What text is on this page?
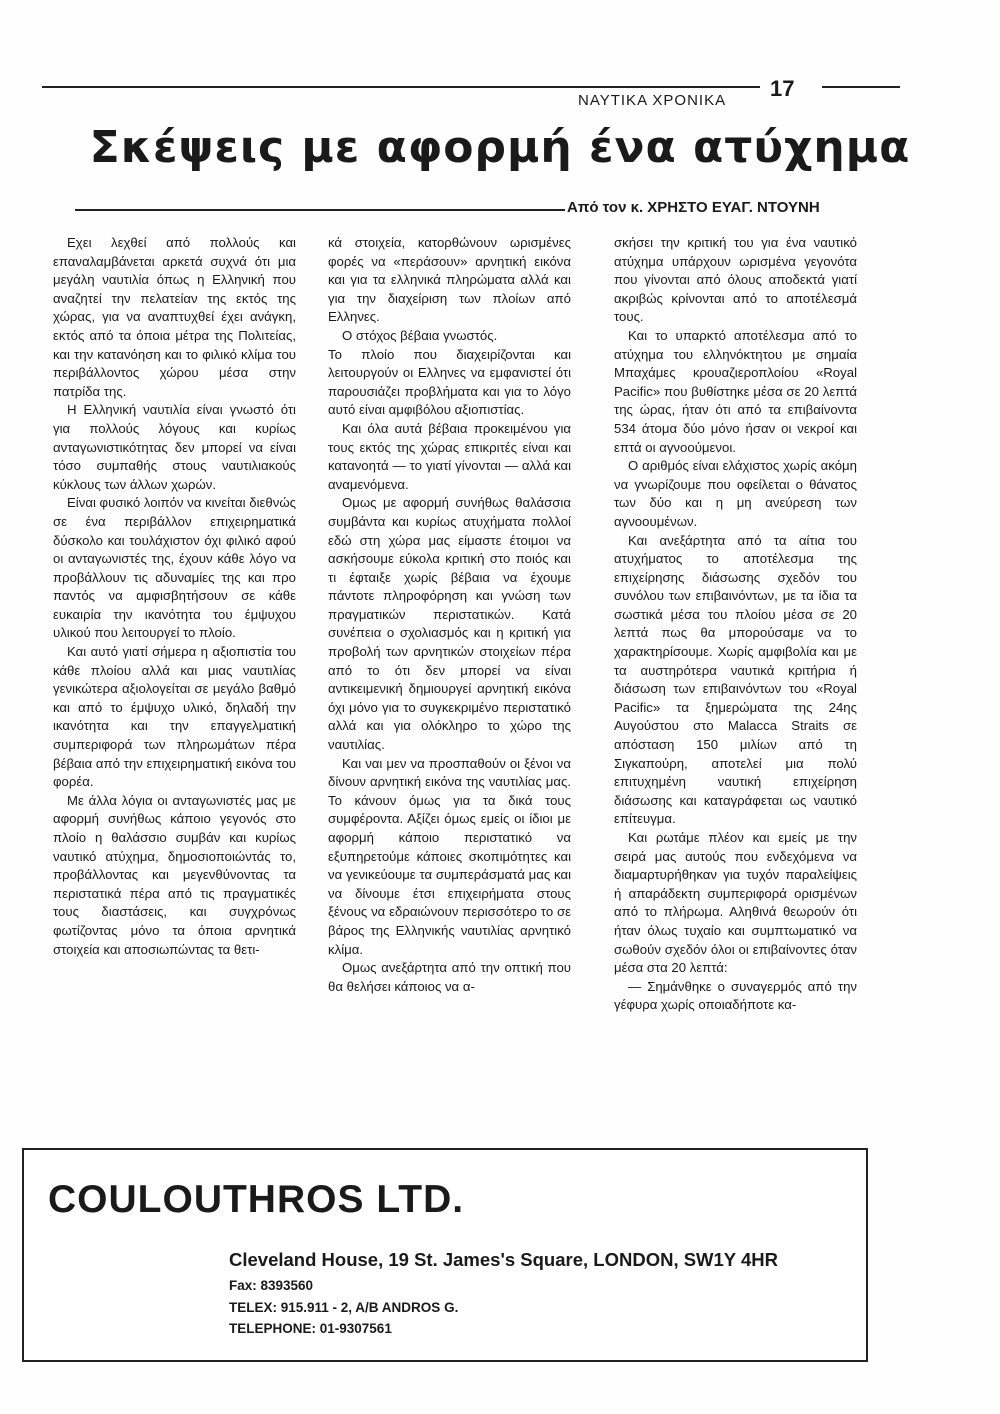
17
ΝΑΥΤΙΚΑ ΧΡΟΝΙΚΑ
Σκέψεις με αφορμή ένα ατύχημα
Από τον κ. ΧΡΗΣΤΟ ΕΥΑΓ. ΝΤΟΥΝΗ

Εχει λεχθεί από πολλούς και επαναλαμβάνεται αρκετά συχνά ότι μια μεγάλη ναυτιλία όπως η Ελληνική που αναζητεί την πελατείαν της εκτός της χώρας, για να αναπτυχθεί έχει ανάγκη, εκτός από τα όποια μέτρα της Πολιτείας, και την κατανόηση και το φιλικό κλίμα του περιβάλλοντος χώρου μέσα στην πατρίδα της.

Η Ελληνική ναυτιλία είναι γνωστό ότι για πολλούς λόγους και κυρίως ανταγωνιστικότητας δεν μπορεί να είναι τόσο συμπαθής στους ναυτιλιακούς κύκλους των άλλων χωρών.

Είναι φυσικό λοιπόν να κινείται διεθνώς σε ένα περιβάλλον επιχειρηματικά δύσκολο και τουλάχιστον όχι φιλικό αφού οι ανταγωνιστές της, έχουν κάθε λόγο να προβάλλουν τις αδυναμίες της και προ παντός να αμφισβητήσουν σε κάθε ευκαιρία την ικανότητα του έμψυχου υλικού που λειτουργεί το πλοίο.

Και αυτό γιατί σήμερα η αξιοπιστία του κάθε πλοίου αλλά και μιας ναυτιλίας γενικώτερα αξιολογείται σε μεγάλο βαθμό και από το έμψυχο υλικό, δηλαδή την ικανότητα και την επαγγελματική συμπεριφορά των πληρωμάτων πέρα βέβαια από την επιχειρηματική εικόνα του φορέα.

Με άλλα λόγια οι ανταγωνιστές μας με αφορμή συνήθως κάποιο γεγονός στο πλοίο η θαλάσσιο συμβάν και κυρίως ναυτικό ατύχημα, δημοσιοποιώντάς το, προβάλλοντας και μεγενθύνοντας τα περιστατικά πέρα από τις πραγματικές τους διαστάσεις, και συγχρόνως φωτίζοντας μόνο τα όποια αρνητικά στοιχεία και αποσιωπώντας τα θετι-

κά στοιχεία, κατορθώνουν ωρισμένες φορές να «περάσουν» αρνητική εικόνα και για τα ελληνικά πληρώματα αλλά και για την διαχείριση των πλοίων από Ελληνες.

Ο στόχος βέβαια γνωστός.

Το πλοίο που διαχειρίζονται και λειτουργούν οι Ελληνες να εμφανιστεί ότι παρουσιάζει προβλήματα και για το λόγο αυτό είναι αμφιβόλου αξιοπιστίας.

Και όλα αυτά βέβαια προκειμένου για τους εκτός της χώρας επικριτές είναι και κατανοητά — το γιατί γίνονται — αλλά και αναμενόμενα.

Ομως με αφορμή συνήθως θαλάσσια συμβάντα και κυρίως ατυχήματα πολλοί εδώ στη χώρα μας είμαστε έτοιμοι να ασκήσουμε εύκολα κριτική στο ποιός και τι έφταιξε χωρίς βέβαια να έχουμε πάντοτε πληροφόρηση και γνώση των πραγματικών περιστατικών. Κατά συνέπεια ο σχολιασμός και η κριτική για προβολή των αρνητικών στοιχείων πέρα από το ότι δεν μπορεί να είναι αντικειμενική δημιουργεί αρνητική εικόνα όχι μόνο για το συγκεκριμένο περιστατικό αλλά και για ολόκληρο το χώρο της ναυτιλίας.

Και ναι μεν να προσπαθούν οι ξένοι να δίνουν αρνητική εικόνα της ναυτιλίας μας. Το κάνουν όμως για τα δικά τους συμφέροντα. Αξίζει όμως εμείς οι ίδιοι με αφορμή κάποιο περιστατικό να εξυπηρετούμε κάποιες σκοπιμότητες και να γενικεύουμε τα συμπεράσματά μας και να δίνουμε έτσι επιχειρήματα στους ξένους να εδραιώνουν περισσότερο το σε βάρος της Ελληνικής ναυτιλίας αρνητικό κλίμα.

Ομως ανεξάρτητα από την οπτική που θα θελήσει κάποιος να α-

σκήσει την κριτική του για ένα ναυτικό ατύχημα υπάρχουν ωρισμένα γεγονότα που γίνονται από όλους αποδεκτά γιατί ακριβώς κρίνονται από το αποτέλεσμά τους.

Και το υπαρκτό αποτέλεσμα από το ατύχημα του ελληνόκτητου με σημαία Μπαχάμες κρουαζιεροπλοίου «Royal Pacific» που βυθίστηκε μέσα σε 20 λεπτά της ώρας, ήταν ότι από τα επιβαίνοντα 534 άτομα δύο μόνο ήσαν οι νεκροί και επτά οι αγνοούμενοι.

Ο αριθμός είναι ελάχιστος χωρίς ακόμη να γνωρίζουμε που οφείλεται ο θάνατος των δύο και η μη ανεύρεση των αγνοουμένων.

Και ανεξάρτητα από τα αίτια του ατυχήματος το αποτέλεσμα της επιχείρησης διάσωσης σχεδόν του συνόλου των επιβαινόντων, με τα ίδια τα σωστικά μέσα του πλοίου μέσα σε 20 λεπτά πως θα μπορούσαμε να το χαρακτηρίσουμε. Χωρίς αμφιβολία και με τα αυστηρότερα ναυτικά κριτήρια ή διάσωση των επιβαινόντων του «Royal Pacific» τα ξημερώματα της 24ης Αυγούστου στο Malacca Straits σε απόσταση 150 μιλίων από τη Σιγκαπούρη, αποτελεί μια πολύ επιτυχημένη ναυτική επιχείρηση διάσωσης και καταγράφεται ως ναυτικό επίτευγμα.

Και ρωτάμε πλέον και εμείς με την σειρά μας αυτούς που ενδεχόμενα να διαμαρτυρήθηκαν για τυχόν παραλείψεις ή απαράδεκτη συμπεριφορά ορισμένων από το πλήρωμα. Αληθινά θεωρούν ότι ήταν όλως τυχαίο και συμπτωματικό να σωθούν σχεδόν όλοι οι επιβαίνοντες όταν μέσα στα 20 λεπτά:

— Σημάνθηκε ο συναγερμός από την γέφυρα χωρίς οποιαδήποτε κα-

COULOUTHROS LTD.
Cleveland House, 19 St. James's Square, LONDON, SW1Y 4HR
Fax: 8393560
TELEX: 915.911 - 2, A/B ANDROS G.
TELEPHONE: 01-9307561
